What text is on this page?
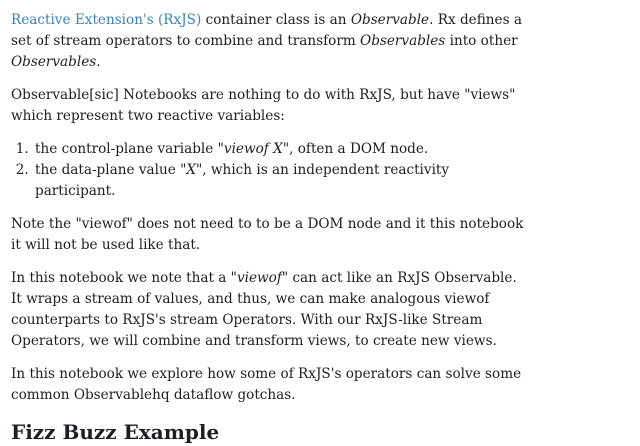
Reactive Extension's (RxJS) container class is an Observable. Rx defines a set of stream operators to combine and transform Observables into other Observables.

Observable[sic] Notebooks are nothing to do with RxJS, but have "views" which represent two reactive variables:

1. the control-plane variable "viewof X", often a DOM node.
2. the data-plane value "X", which is an independent reactivity participant.

Note the "viewof" does not need to to be a DOM node and it this notebook it will not be used like that.

In this notebook we note that a "viewof" can act like an RxJS Observable. It wraps a stream of values, and thus, we can make analogous viewof counterparts to RxJS's stream Operators. With our RxJS-like Stream Operators, we will combine and transform views, to create new views.

In this notebook we explore how some of RxJS's operators can solve some common Observablehq dataflow gotchas.

Fizz Buzz Example
